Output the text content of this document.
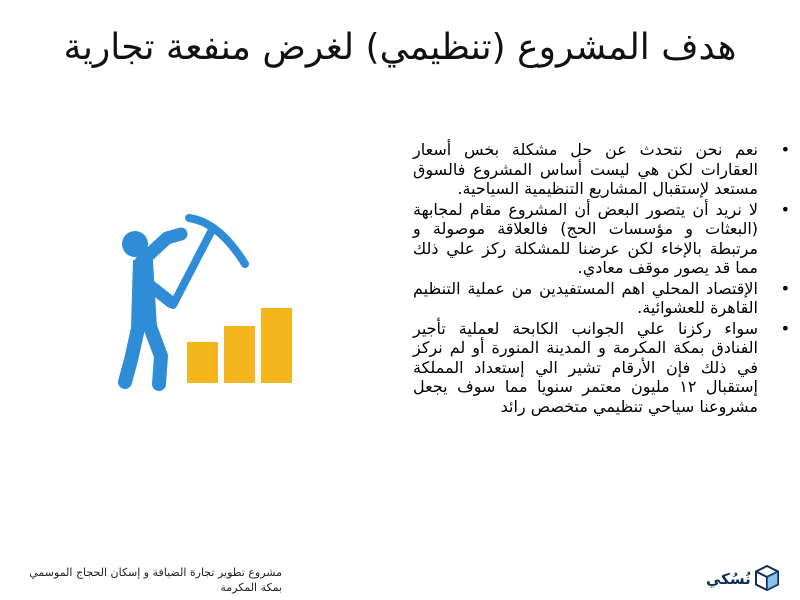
هدف المشروع (تنظيمي) لغرض منفعة تجارية
•
نعم نحن نتحدث عن حل مشكلة بخس أسعار العقارات لكن هي ليست أساس المشروع فالسوق مستعد لإستقبال المشاريع التنظيمية السياحية.
•
لا نريد أن يتصور البعض أن المشروع مقام لمجابهة (البعثات و مؤسسات الحج) فالعلاقة موصولة و مرتبطة بالإخاء لكن عرضنا للمشكلة ركز علي ذلك مما قد يصور موقف معادي.
•
الإقتصاد المحلي اهم المستفيدين من عملية التنظيم القاهرة للعشوائية.
•
سواء ركزنا علي الجوانب الكابحة لعملية تأجير الفنادق بمكة المكرمة و المدينة المنورة أو لم نركز في ذلك فإن الأرقام تشير الي إستعداد المملكة إستقبال ١٢ مليون معتمر سنويا مما سوف يجعل مشروعنا سياحي تنظيمي متخصص رائد
مشروع تطوير تجارة الضيافة و إسكان الحجاج الموسمي
بمكة المكرمة	نُسُكي
